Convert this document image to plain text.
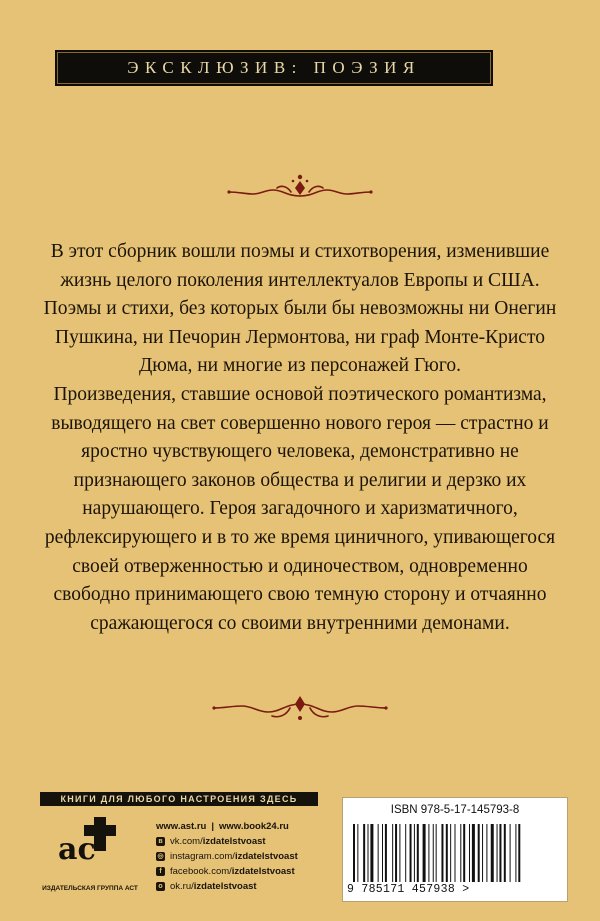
ЭКСКЛЮЗИВ: ПОЭЗИЯ

В этот сборник вошли поэмы и стихотворения, изменившие жизнь целого поколения интеллектуалов Европы и США. Поэмы и стихи, без которых были бы невозможны ни Онегин Пушкина, ни Печорин Лермонтова, ни граф Монте-Кристо Дюма, ни многие из персонажей Гюго.

Произведения, ставшие основой поэтического романтизма, выводящего на свет совершенно нового героя — страстно и яростно чувствующего человека, демонстративно не признающего законов общества и религии и дерзко их нарушающего. Героя загадочного и харизматичного, рефлексирующего и в то же время циничного, упивающегося своей отверженностью и одиночеством, одновременно свободно принимающего свою темную сторону и отчаянно сражающегося со своими внутренними демонами.

КНИГИ ДЛЯ ЛЮБОГО НАСТРОЕНИЯ ЗДЕСЬ
ac
ИЗДАТЕЛЬСКАЯ ГРУППА АСТ
www.ast.ru | www.book24.ru
в vk.com/izdatelstvoast
◎ instagram.com/izdatelstvoast
f facebook.com/izdatelstvoast
о ok.ru/izdatelstvoast
ISBN 978-5-17-145793-8
9 785171 457938 >
